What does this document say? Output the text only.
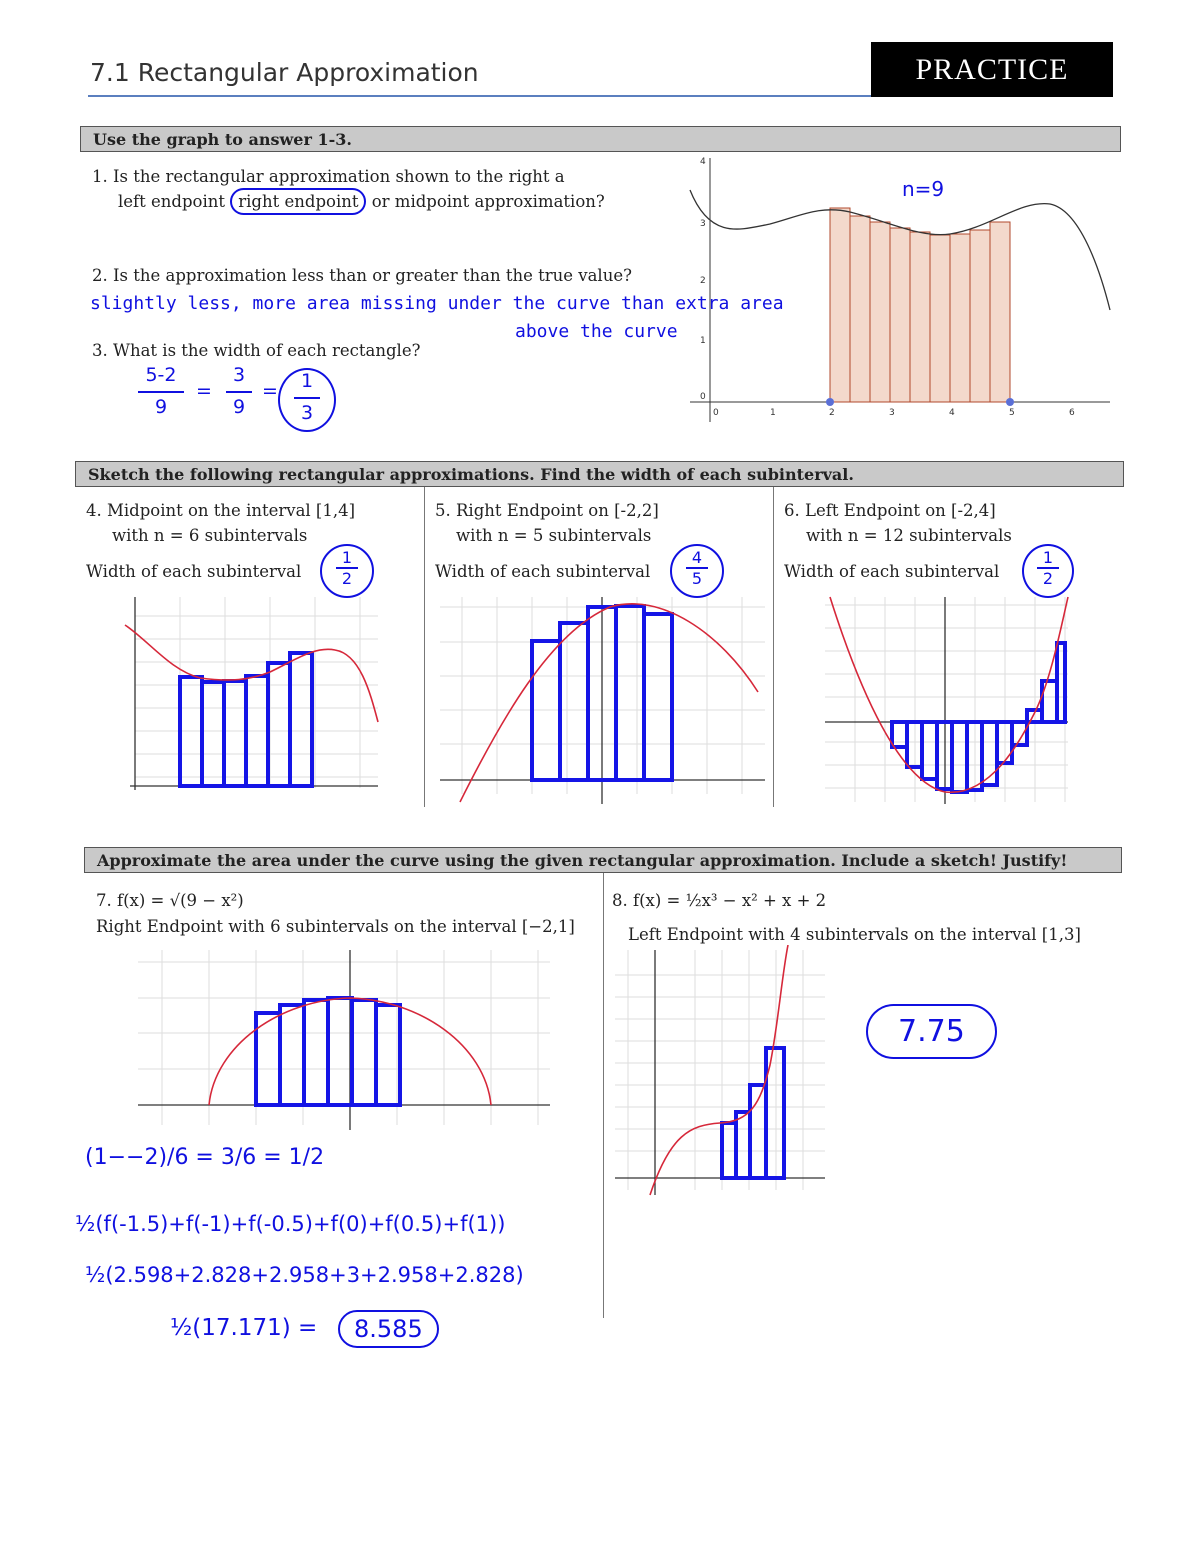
7.1 Rectangular Approximation	PRACTICE
Use the graph to answer 1-3.
1. Is the rectangular approximation shown to the right a
left endpoint right endpoint or midpoint approximation?
2. Is the approximation less than or greater than the true value?
slightly less, more area missing under the curve than extra area
above the curve
3. What is the width of each rectangle?
5-2
9
=
3
9
=	1
3
4
3
2
1
0
0	1	2	3	4	5	6
n=9
Sketch the following rectangular approximations. Find the width of each subinterval.
4. Midpoint on the interval [1,4]
with n = 6 subintervals
Width of each subinterval
1
2
5. Right Endpoint on [-2,2]
with n = 5 subintervals
Width of each subinterval
4
5
6. Left Endpoint on [-2,4]
with n = 12 subintervals
Width of each subinterval
1
2
Approximate the area under the curve using the given rectangular approximation. Include a sketch! Justify!
7. f(x) = √(9 − x²)
Right Endpoint with 6 subintervals on the interval [−2,1]
8. f(x) = ½x³ − x² + x + 2
Left Endpoint with 4 subintervals on the interval [1,3]
(1−−2)/6 = 3/6 = 1/2
½(f(-1.5)+f(-1)+f(-0.5)+f(0)+f(0.5)+f(1))
½(2.598+2.828+2.958+3+2.958+2.828)
½(17.171) =	8.585
7.75
